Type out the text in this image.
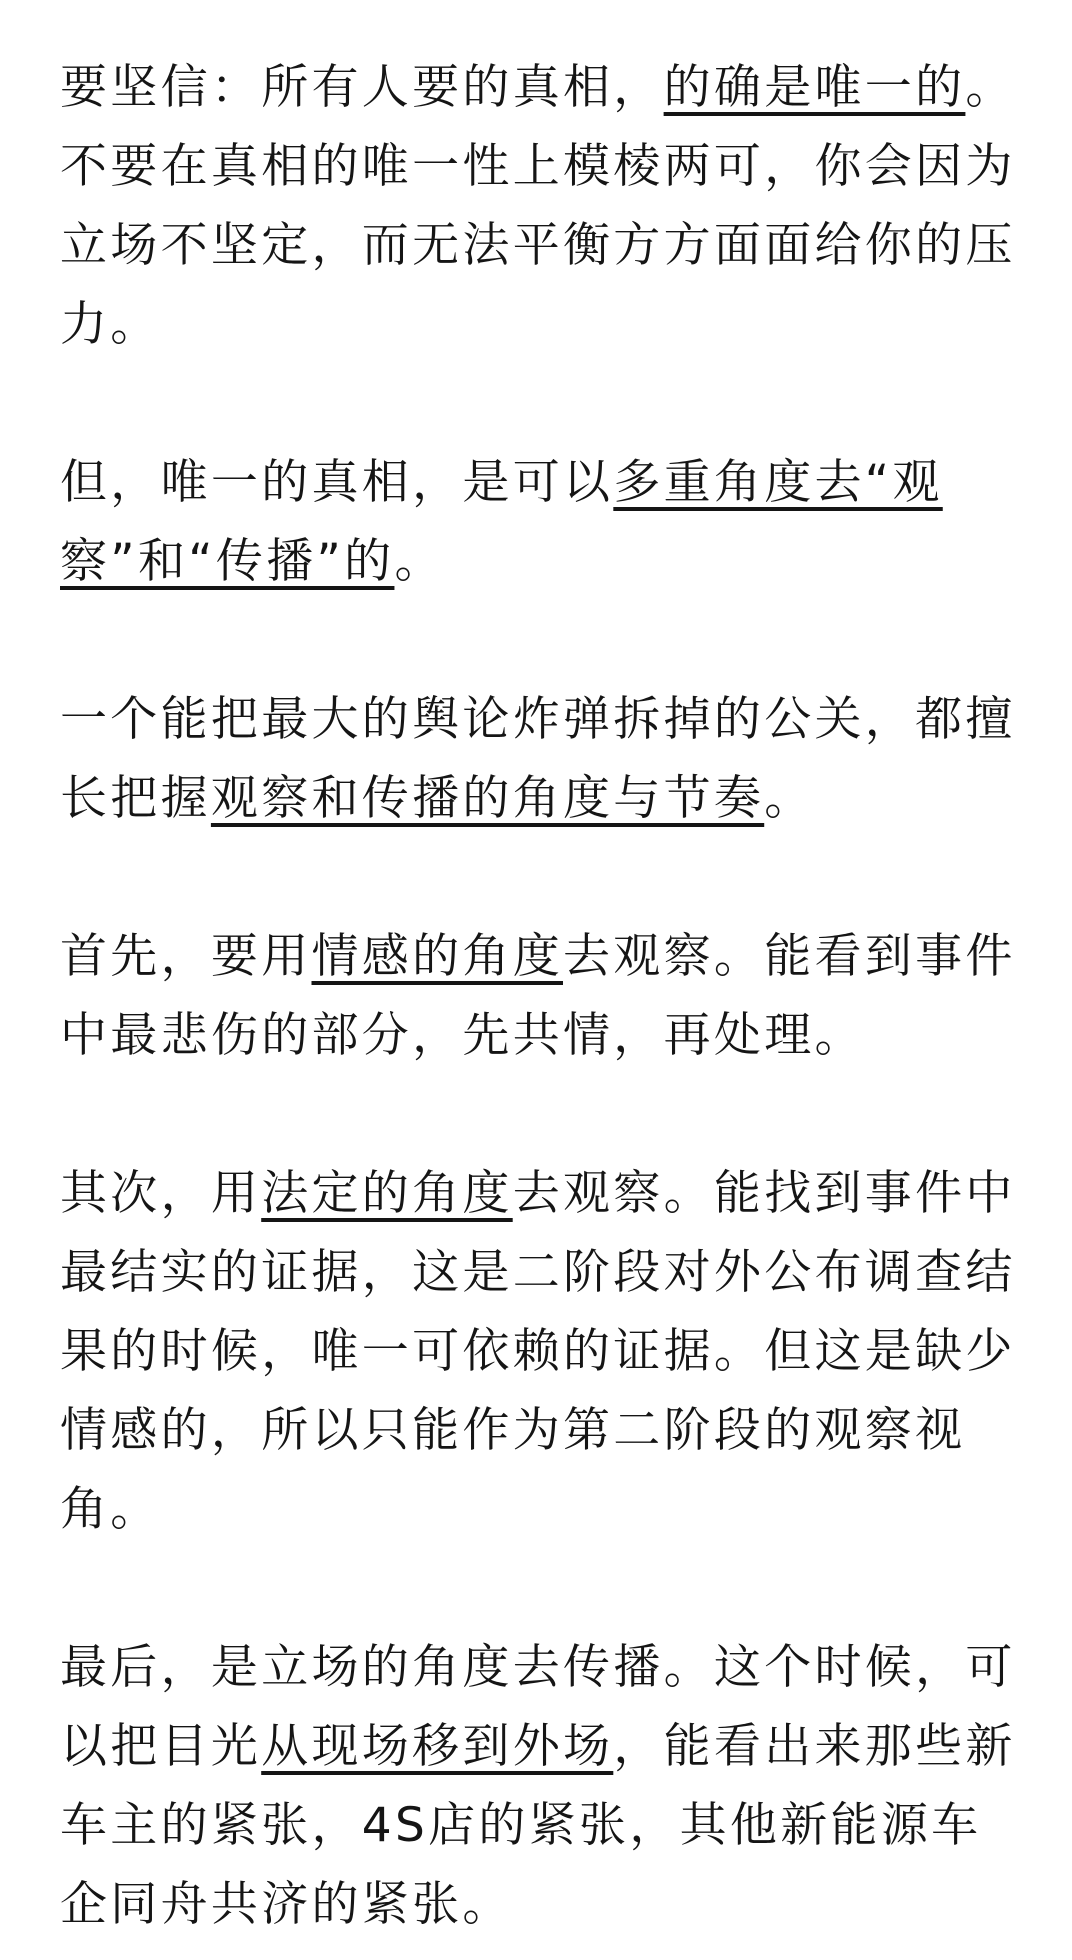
要坚信：所有人要的真相，的确是唯一的。不要在真相的唯一性上模棱两可，你会因为立场不坚定，而无法平衡方方面面给你的压力。

但，唯一的真相，是可以多重角度去“观察”和“传播”的。

一个能把最大的舆论炸弹拆掉的公关，都擅长把握观察和传播的角度与节奏。

首先，要用情感的角度去观察。能看到事件中最悲伤的部分，先共情，再处理。

其次，用法定的角度去观察。能找到事件中最结实的证据，这是二阶段对外公布调查结果的时候，唯一可依赖的证据。但这是缺少情感的，所以只能作为第二阶段的观察视角。

最后，是立场的角度去传播。这个时候，可以把目光从现场移到外场，能看出来那些新车主的紧张，4S店的紧张，其他新能源车企同舟共济的紧张。
